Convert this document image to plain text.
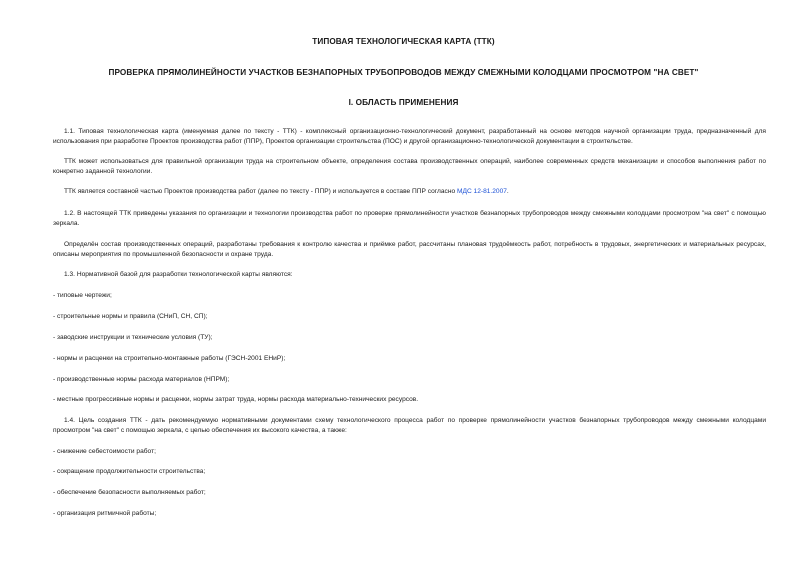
ТИПОВАЯ ТЕХНОЛОГИЧЕСКАЯ КАРТА (ТТК)
ПРОВЕРКА ПРЯМОЛИНЕЙНОСТИ УЧАСТКОВ БЕЗНАПОРНЫХ ТРУБОПРОВОДОВ МЕЖДУ СМЕЖНЫМИ КОЛОДЦАМИ ПРОСМОТРОМ "НА СВЕТ"
I. ОБЛАСТЬ ПРИМЕНЕНИЯ
1.1. Типовая технологическая карта (именуемая далее по тексту - ТТК) - комплексный организационно-технологический документ, разработанный на основе методов научной организации труда, предназначенный для использования при разработке Проектов производства работ (ППР), Проектов организации строительства (ПОС) и другой организационно-технологической документации в строительстве.
ТТК может использоваться для правильной организации труда на строительном объекте, определения состава производственных операций, наиболее современных средств механизации и способов выполнения работ по конкретно заданной технологии.
ТТК является составной частью Проектов производства работ (далее по тексту - ППР) и используется в составе ППР согласно МДС 12-81.2007.
1.2. В настоящей ТТК приведены указания по организации и технологии производства работ по проверке прямолинейности участков безнапорных трубопроводов между смежными колодцами просмотром "на свет" с помощью зеркала.
Определён состав производственных операций, разработаны требования к контролю качества и приёмке работ, рассчитаны плановая трудоёмкость работ, потребность в трудовых, энергетических и материальных ресурсах, описаны мероприятия по промышленной безопасности и охране труда.
1.3. Нормативной базой для разработки технологической карты являются:
- типовые чертежи;
- строительные нормы и правила (СНиП, СН, СП);
- заводские инструкции и технические условия (ТУ);
- нормы и расценки на строительно-монтажные работы (ГЭСН-2001 ЕНиР);
- производственные нормы расхода материалов (НПРМ);
- местные прогрессивные нормы и расценки, нормы затрат труда, нормы расхода материально-технических ресурсов.
1.4. Цель создания ТТК - дать рекомендуемую нормативными документами схему технологического процесса работ по проверке прямолинейности участков безнапорных трубопроводов между смежными колодцами просмотром "на свет" с помощью зеркала, с целью обеспечения их высокого качества, а также:
- снижение себестоимости работ;
- сокращение продолжительности строительства;
- обеспечение безопасности выполняемых работ;
- организация ритмичной работы;
